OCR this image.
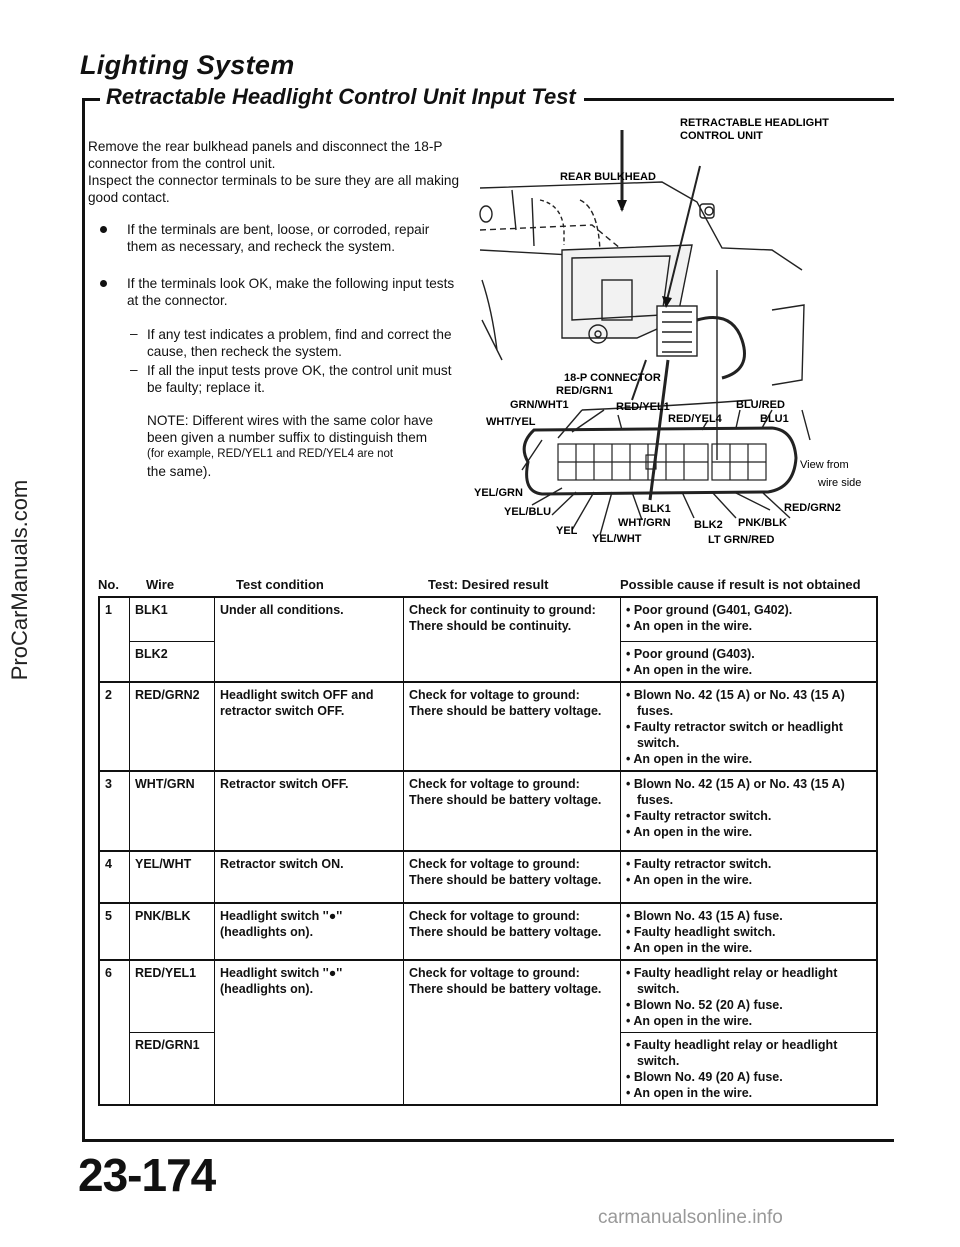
Lighting System
Retractable Headlight Control Unit Input Test
ProCarManuals.com
Remove the rear bulkhead panels and disconnect the 18-P connector from the control unit.
Inspect the connector terminals to be sure they are all making good contact.
If the terminals are bent, loose, or corroded, repair them as necessary, and recheck the system.
If the terminals look OK, make the following input tests at the connector.
– If any test indicates a problem, find and correct the cause, then recheck the system.
– If all the input tests prove OK, the control unit must be faulty; replace it.
NOTE: Different wires with the same color have been given a number suffix to distinguish them
(for example, RED/YEL1 and RED/YEL4 are not
the same).
REAR BULKHEAD
RETRACTABLE HEADLIGHT CONTROL UNIT
18-P CONNECTOR
RED/GRN1
GRN/WHT1	RED/YEL1
WHT/YEL
BLU/RED
RED/YEL4	BLU1
YEL/GRN
YEL/BLU
YEL
BLK1
WHT/GRN
YEL/WHT
BLK2 PNK/BLK
LT GRN/RED
RED/GRN2
View from wire side
No. Wire	Test condition	Test: Desired result	Possible cause if result is not obtained
1	BLK1	Under all conditions.	Check for continuity to ground: There should be continuity.	• Poor ground (G401, G402).
• An open in the wire.

	BLK2			• Poor ground (G403).
• An open in the wire.

2	RED/GRN2	Headlight switch OFF and retractor switch OFF.	Check for voltage to ground: There should be battery voltage.	• Blown No. 42 (15 A) or No. 43 (15 A) fuses.
• Faulty retractor switch or headlight switch.
• An open in the wire.

3	WHT/GRN	Retractor switch OFF.	Check for voltage to ground: There should be battery voltage.	• Blown No. 42 (15 A) or No. 43 (15 A) fuses.
• Faulty retractor switch.
• An open in the wire.

4	YEL/WHT	Retractor switch ON.	Check for voltage to ground: There should be battery voltage.	• Faulty retractor switch.
• An open in the wire.

5	PNK/BLK	Headlight switch ''●'' (headlights on).	Check for voltage to ground: There should be battery voltage.	• Blown No. 43 (15 A) fuse.
• Faulty headlight switch.
• An open in the wire.

6	RED/YEL1	Headlight switch ''●'' (headlights on).	Check for voltage to ground: There should be battery voltage.	• Faulty headlight relay or headlight switch.
• Blown No. 52 (20 A) fuse.
• An open in the wire.

	RED/GRN1			• Faulty headlight relay or headlight switch.
• Blown No. 49 (20 A) fuse.
• An open in the wire.
23-174
carmanualsonline.info
